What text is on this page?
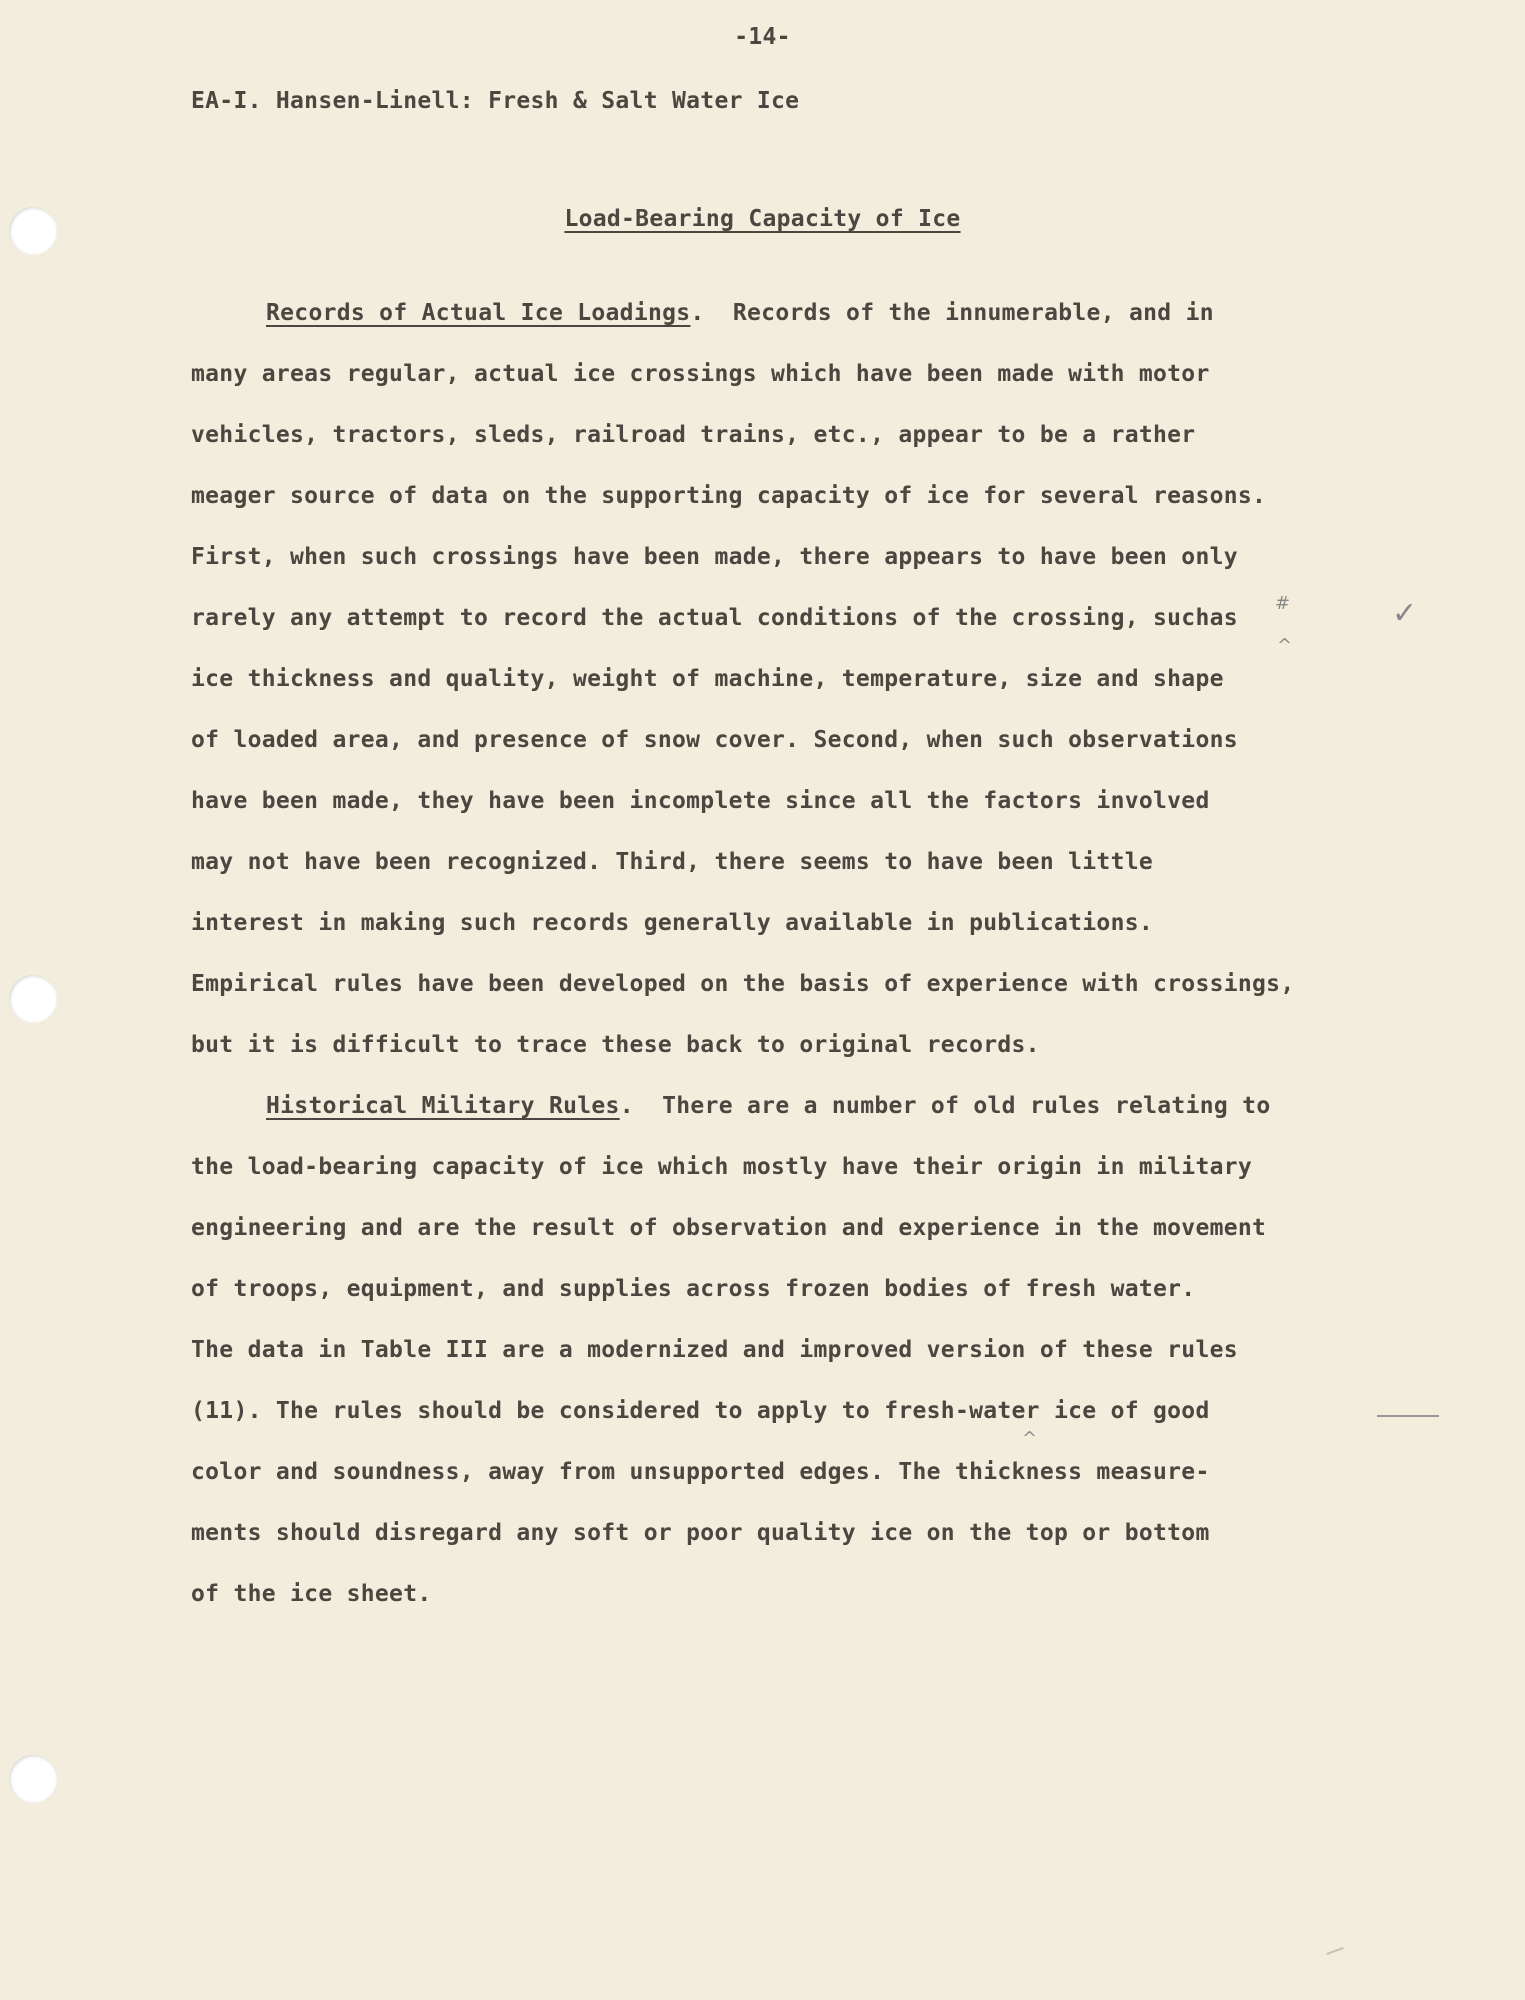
-14-
EA-I. Hansen-Linell: Fresh & Salt Water Ice
Load-Bearing Capacity of Ice
Records of Actual Ice Loadings.  Records of the innumerable, and in
many areas regular, actual ice crossings which have been made with motor
vehicles, tractors, sleds, railroad trains, etc., appear to be a rather
meager source of data on the supporting capacity of ice for several reasons.
First, when such crossings have been made, there appears to have been only
rarely any attempt to record the actual conditions of the crossing, suchas
ice thickness and quality, weight of machine, temperature, size and shape
of loaded area, and presence of snow cover. Second, when such observations
have been made, they have been incomplete since all the factors involved
may not have been recognized. Third, there seems to have been little
interest in making such records generally available in publications.
Empirical rules have been developed on the basis of experience with crossings,
but it is difficult to trace these back to original records.
Historical Military Rules.  There are a number of old rules relating to
the load-bearing capacity of ice which mostly have their origin in military
engineering and are the result of observation and experience in the movement
of troops, equipment, and supplies across frozen bodies of fresh water.
The data in Table III are a modernized and improved version of these rules
(11). The rules should be considered to apply to fresh-water ice of good
color and soundness, away from unsupported edges. The thickness measure-
ments should disregard any soft or poor quality ice on the top or bottom
of the ice sheet.
✓
#
^
^
